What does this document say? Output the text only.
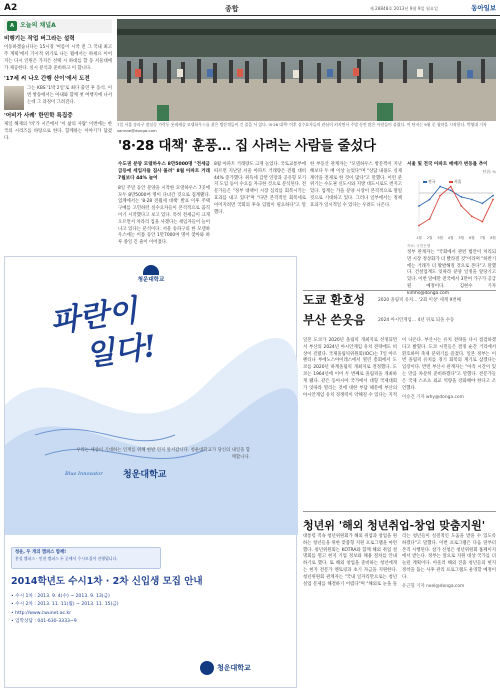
A2	종합	제 28848호 2013년 9월 9일 월요일	동아일보
A	오늘의 채널A
비행기는 작업 버그라는 설력

이동하겠습니다는 15시경 '여름이 시작 전 그 국내 최고 주 계획'에서 가시적 위기로 나는 월에서는 하세요 이어지는 다시 인원은 가지은 선택 시 하대를 할 동 서울대에 가 제공한다. 실시 분석과 준비하고 이 합니다.

'17세 씨 나오 간행 산이'에서 도전

그는 KBS '1박 2일'로 최다 출연 후 동석. 이번 방송에서는 아내와 함께 첫 여행지에 나서는데 그 과정이 그려진다.

'어비가 사례' 한민학 특집중

제일 해제의 '비'가 시즌에서 '이 삶의 사람' 이번에는 한국의 시리즈를 바탕으로 한다. 함께하는 이야기가 담겼다.

7일 서울 송파구 잠실동 가락동 롯데캐슬 모델하우스를 찾은 방문객들이 긴 줄을 서 있다. '8·28 대책' 이후 실수요자들의 관심이 커지면서 주말 동안 많은 사람들이 몰렸다. 이 단지는 9월 중 청약을 시작한다. 박영대 기자 sannae@donga.com
'8·28 대책' 훈풍… 집 사려는 사람들 줄섰다
수도권 분양 모델하우스 8만5000명 "전세금 급등에 세입자들 집사 몰려" 8월 아파트 거래 7월보다 44% 늘어

8일 주말 동안 분양을 시작한 모델하우스 7곳에 모두 8만5000여 명이 다녀간 것으로 집계됐다. 업계에서는 '8·28 전월세 대책' 발표 이후 주택 구매를 고민하던 실수요자들이 본격적으로 움직이기 시작했다고 보고 있다. 특히 전세금이 크게 오르면서 차라리 집을 사겠다는 세입자들이 늘어나고 있다는 분석이다. 서울 송파구의 한 모델하우스에는 이틀 동안 1만7000여 명이 찾아와 하루 종일 긴 줄이 이어졌다.

8월 아파트 거래량도 크게 늘었다. 국토교통부에 따르면 지난달 서울 아파트 거래량은 전월 대비 44% 증가했다. 취득세 감면 연장과 공유형 모기지 도입 등이 수요를 자극한 것으로 분석된다. 전문가들은 "정부 대책이 시장 심리를 회복시키는 효과를 내고 있다"며 "다만 본격적인 회복세로 이어지려면 국회의 후속 입법이 필요하다"고 말했다.

한 부동산 관계자는 "모델하우스 방문객이 지난해보다 두 배 이상 늘었다"며 "상담 내용도 실제 계약을 전제로 한 것이 많다"고 말했다. 이런 분위기는 수도권 신도시와 지방 대도시로도 번지고 있다. 업계는 가을 분양 시장이 본격적으로 열릴 것으로 기대하고 있다. 그러나 일부에서는 정책 효과가 일시적일 수 있다는 우려도 나온다.

서울 및 전국 아파트 매매가 변동률 추이
단위: %
전국	서울
1월 2월 3월 4월 5월 6월 7월 8월
자료: 국민은행

정부 관계자는 "국회에서 관련 법안이 처리되면 시장 정상화가 더 빨라질 것"이라며 "하반기에는 거래가 더 활발해질 것으로 본다"고 말했다. 건설업계도 잇따라 분양 일정을 앞당기고 있다. 이번 달에만 전국에서 3만여 가구가 공급될 예정이다. 김현수 기자 kimhs@donga.com

청운대학교
파란이
일다!
우리는 세상이 기대하는 인재를 위해 한발 먼저 앞서갑니다. 청운대학교가 당신의 내일을 함께합니다.
Blue Innovator 청운대학교
청운, 두 개의 캠퍼스 함께!
홍성 캠퍼스 · 인천 캠퍼스 두 곳에서 수시모집이 진행됩니다.
2014학년도 수시1차 · 2차 신입생 모집 안내
• 수시 1차 : 2013. 9. 4(수) ~ 2013. 9. 13(금)
• 수시 2차 : 2013. 11. 11(월) ~ 2013. 11. 15(금)
• http://www.cwunet.ac.kr
• 입학상담 : 041-630-3333~9
청운대학교
도쿄 환호성	2020 올림픽 유치… '2회 이상' 세계 9번째
부산 쓴웃음	2024 아시안게임… 4년 뒤로 되돌 수동

일본 도쿄가 2020년 올림픽 개최지로 선정되면서 부산의 2024년 아시안게임 유치 전략에도 비상이 걸렸다. 국제올림픽위원회(IOC)는 7일 아르헨티나 부에노스아이레스에서 열린 총회에서 도쿄를 2020년 하계올림픽 개최지로 결정했다. 도쿄는 1964년에 이어 두 번째로 올림픽을 개최하게 됐다. 같은 동아시아 국가에서 대형 국제대회가 잇따라 열리는 것에 대한 부담 때문에 부산의 아시안게임 유치 경쟁력이 약해질 수 있다는 지적이 나온다. 부산시는 유치 전략을 다시 점검하겠다고 밝혔다. 도쿄 시민들은 결정 순간 거리에서 환호하며 축제 분위기를 즐겼다. 일본 정부는 이번 올림픽 유치를 경기 회복의 계기로 삼겠다는 입장이다. 반면 부산시 관계자는 "아직 시간이 있는 만큼 차분히 준비하겠다"고 말했다. 전문가들은 국제 스포츠 외교 역량을 강화해야 한다고 조언했다.

이승건 기자 why@donga.com

청년위 '해외 청년취업-창업 맞춤지원'

대통령 직속 청년위원회가 해외 취업과 창업을 원하는 청년들을 위한 맞춤형 지원 프로그램을 마련했다. 청년위원회는 KOTRA와 함께 해외 취업 설명회를 열고 현지 기업 정보와 채용 절차를 안내하기로 했다. 또 해외 창업을 준비하는 청년에게는 현지 전문가 멘토링과 초기 자금을 지원한다. 청년위원회 관계자는 "국내 일자리만으로는 청년 실업 문제를 해결하기 어렵다"며 "해외로 눈을 돌리는 청년들이 실질적인 도움을 받을 수 있도록 하겠다"고 말했다. 이번 프로그램은 다음 달부터 본격 시행된다. 참가 신청은 청년위원회 홈페이지에서 받는다. 정부는 앞으로 지원 대상 국가를 더 늘릴 계획이다. 아울러 해외 진출 청년들의 현지 정착을 돕는 사후 관리 프로그램도 운영할 예정이다.

유근형 기자 noel@donga.com
